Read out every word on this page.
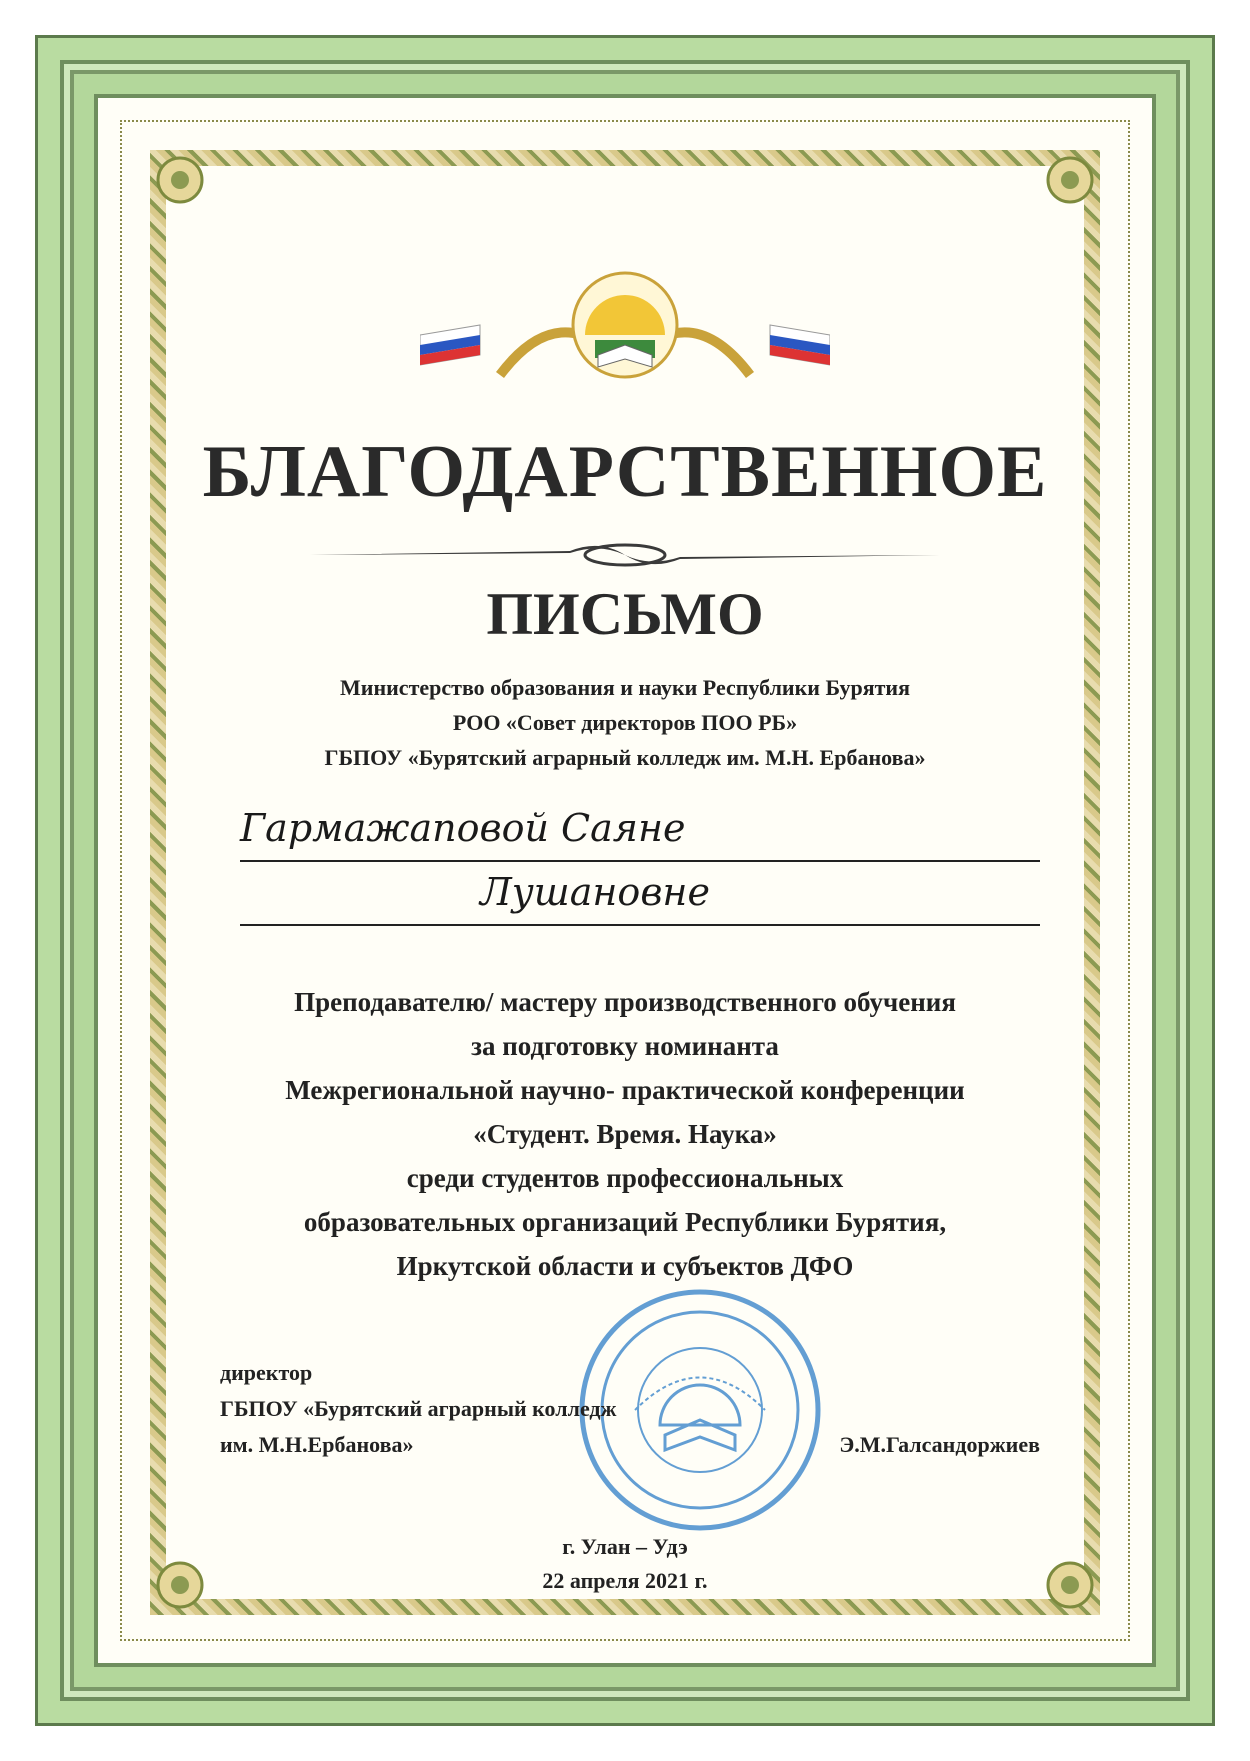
БЛАГОДАРСТВЕННОЕ
ПИСЬМО
Министерство образования и науки Республики Бурятия
РОО «Совет директоров ПОО РБ»
ГБПОУ «Бурятский аграрный колледж им. М.Н. Ербанова»
Гармажаповой Саяне
Лушановне
Преподавателю/ мастеру производственного обучения
за подготовку номинанта
Межрегиональной научно- практической конференции
«Студент. Время. Наука»
среди студентов профессиональных
образовательных организаций Республики Бурятия,
Иркутской области и субъектов ДФО
директор
ГБПОУ «Бурятский аграрный колледж
им. М.Н.Ербанова»	Э.М.Галсандоржиев
г. Улан – Удэ
22 апреля 2021 г.
